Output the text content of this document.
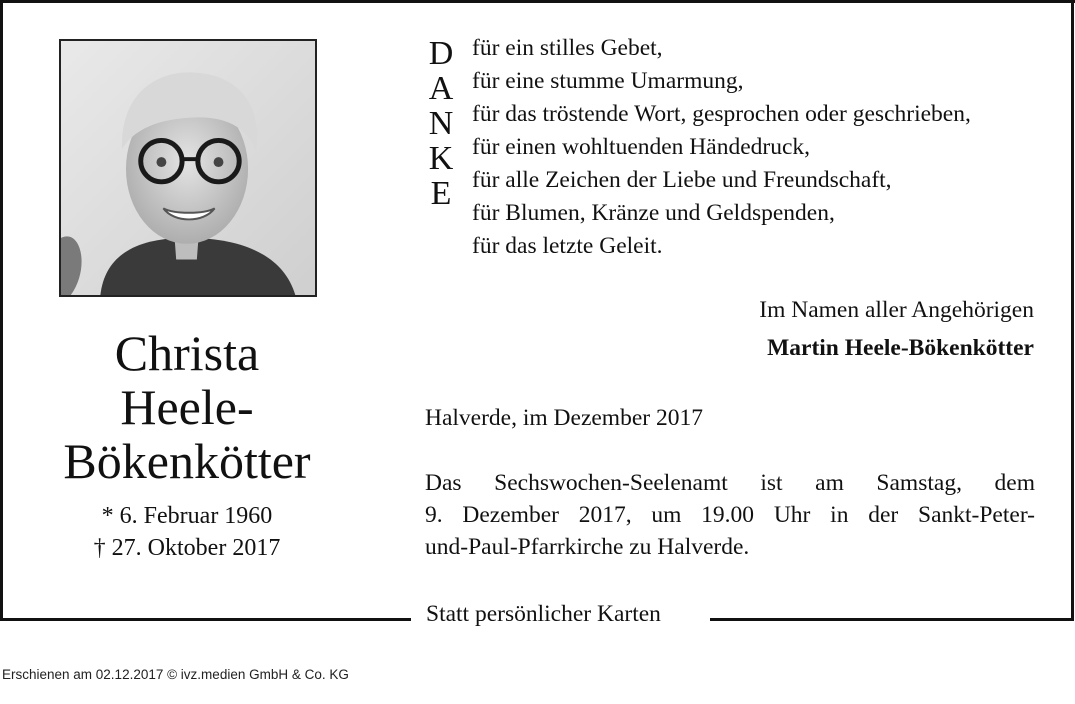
Christa
Heele-
Bökenkötter
* 6. Februar 1960
† 27. Oktober 2017
D
A
N
K
E
für ein stilles Gebet,
für eine stumme Umarmung,
für das tröstende Wort, gesprochen oder geschrieben,
für einen wohltuenden Händedruck,
für alle Zeichen der Liebe und Freundschaft,
für Blumen, Kränze und Geldspenden,
für das letzte Geleit.
Im Namen aller Angehörigen
Martin Heele-Bökenkötter
Halverde, im Dezember 2017
Das Sechswochen-Seelenamt ist am Samstag, dem
9. Dezember 2017, um 19.00 Uhr in der Sankt-Peter-
und-Paul-Pfarrkirche zu Halverde.
Statt persönlicher Karten
Erschienen am 02.12.2017 © ivz.medien GmbH & Co. KG
